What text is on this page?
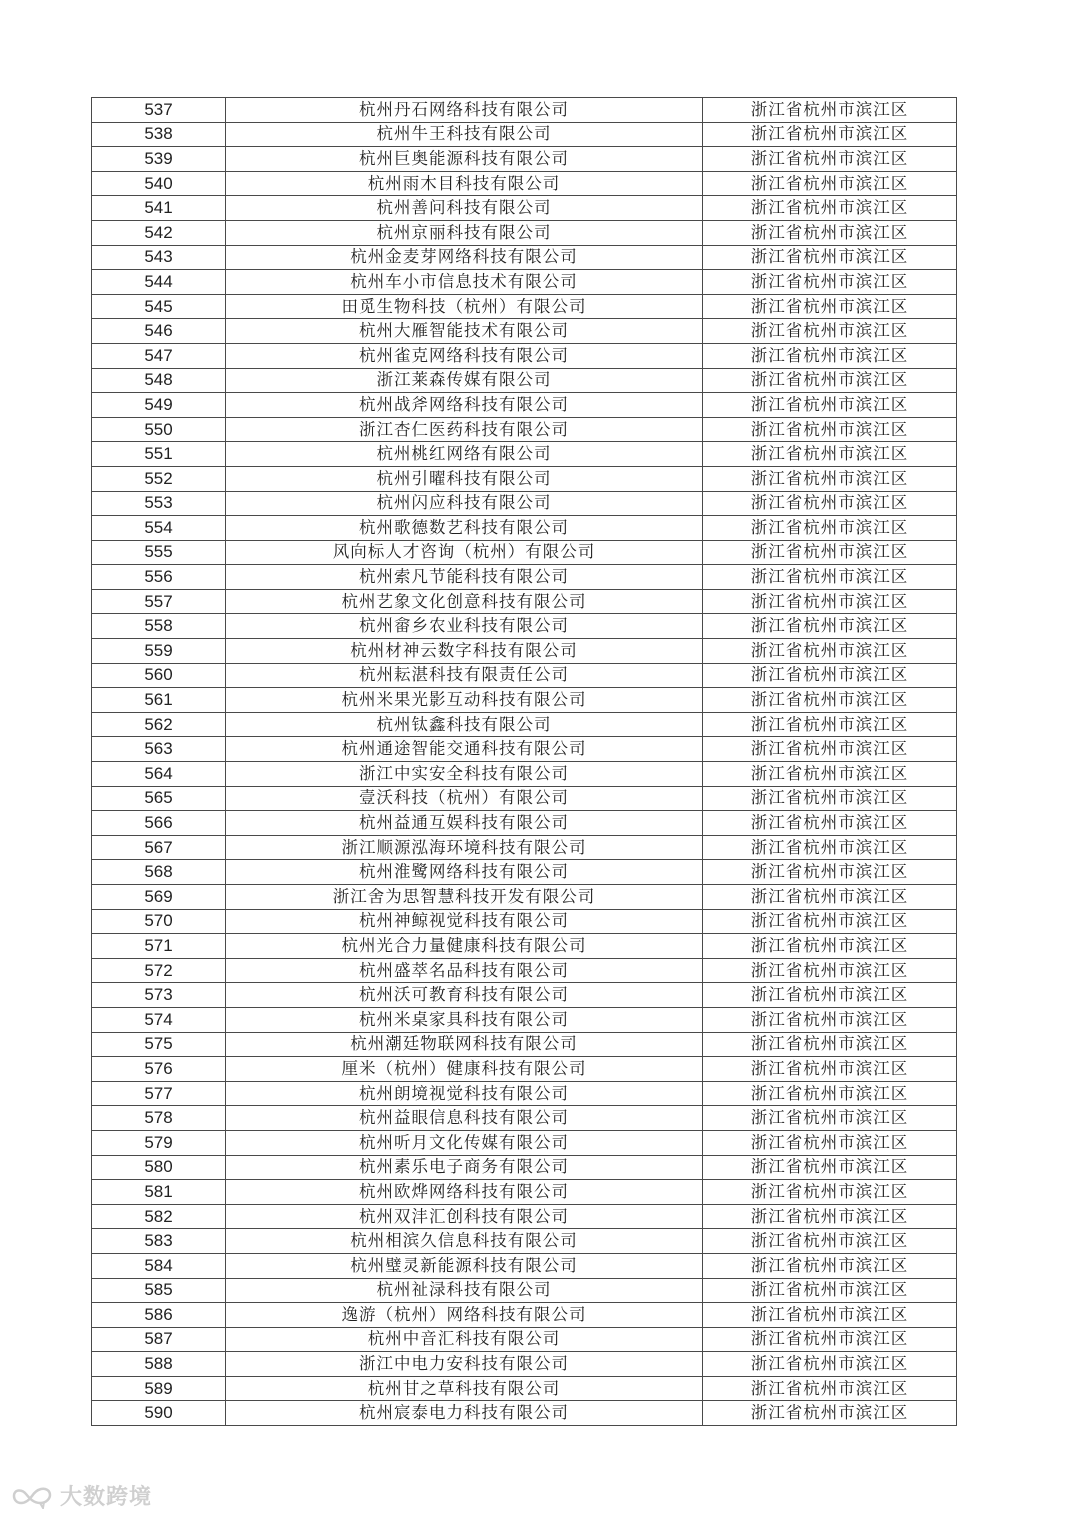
537	杭州丹石网络科技有限公司	浙江省杭州市滨江区
538	杭州牛王科技有限公司	浙江省杭州市滨江区
539	杭州巨奥能源科技有限公司	浙江省杭州市滨江区
540	杭州雨木目科技有限公司	浙江省杭州市滨江区
541	杭州善问科技有限公司	浙江省杭州市滨江区
542	杭州京丽科技有限公司	浙江省杭州市滨江区
543	杭州金麦芽网络科技有限公司	浙江省杭州市滨江区
544	杭州车小市信息技术有限公司	浙江省杭州市滨江区
545	田觅生物科技（杭州）有限公司	浙江省杭州市滨江区
546	杭州大雁智能技术有限公司	浙江省杭州市滨江区
547	杭州雀克网络科技有限公司	浙江省杭州市滨江区
548	浙江莱森传媒有限公司	浙江省杭州市滨江区
549	杭州战斧网络科技有限公司	浙江省杭州市滨江区
550	浙江杏仁医药科技有限公司	浙江省杭州市滨江区
551	杭州桃红网络有限公司	浙江省杭州市滨江区
552	杭州引曜科技有限公司	浙江省杭州市滨江区
553	杭州闪应科技有限公司	浙江省杭州市滨江区
554	杭州歌德数艺科技有限公司	浙江省杭州市滨江区
555	风向标人才咨询（杭州）有限公司	浙江省杭州市滨江区
556	杭州索凡节能科技有限公司	浙江省杭州市滨江区
557	杭州艺象文化创意科技有限公司	浙江省杭州市滨江区
558	杭州畲乡农业科技有限公司	浙江省杭州市滨江区
559	杭州材神云数字科技有限公司	浙江省杭州市滨江区
560	杭州耘湛科技有限责任公司	浙江省杭州市滨江区
561	杭州米果光影互动科技有限公司	浙江省杭州市滨江区
562	杭州钛鑫科技有限公司	浙江省杭州市滨江区
563	杭州通途智能交通科技有限公司	浙江省杭州市滨江区
564	浙江中实安全科技有限公司	浙江省杭州市滨江区
565	壹沃科技（杭州）有限公司	浙江省杭州市滨江区
566	杭州益通互娱科技有限公司	浙江省杭州市滨江区
567	浙江顺源泓海环境科技有限公司	浙江省杭州市滨江区
568	杭州淮鹭网络科技有限公司	浙江省杭州市滨江区
569	浙江舍为思智慧科技开发有限公司	浙江省杭州市滨江区
570	杭州神鲸视觉科技有限公司	浙江省杭州市滨江区
571	杭州光合力量健康科技有限公司	浙江省杭州市滨江区
572	杭州盛萃名品科技有限公司	浙江省杭州市滨江区
573	杭州沃可教育科技有限公司	浙江省杭州市滨江区
574	杭州米桌家具科技有限公司	浙江省杭州市滨江区
575	杭州潮廷物联网科技有限公司	浙江省杭州市滨江区
576	厘米（杭州）健康科技有限公司	浙江省杭州市滨江区
577	杭州朗境视觉科技有限公司	浙江省杭州市滨江区
578	杭州益眼信息科技有限公司	浙江省杭州市滨江区
579	杭州听月文化传媒有限公司	浙江省杭州市滨江区
580	杭州素乐电子商务有限公司	浙江省杭州市滨江区
581	杭州欧烨网络科技有限公司	浙江省杭州市滨江区
582	杭州双沣汇创科技有限公司	浙江省杭州市滨江区
583	杭州相滨久信息科技有限公司	浙江省杭州市滨江区
584	杭州璧灵新能源科技有限公司	浙江省杭州市滨江区
585	杭州祉渌科技有限公司	浙江省杭州市滨江区
586	逸游（杭州）网络科技有限公司	浙江省杭州市滨江区
587	杭州中音汇科技有限公司	浙江省杭州市滨江区
588	浙江中电力安科技有限公司	浙江省杭州市滨江区
589	杭州甘之草科技有限公司	浙江省杭州市滨江区
590	杭州宸泰电力科技有限公司	浙江省杭州市滨江区
大数跨境
